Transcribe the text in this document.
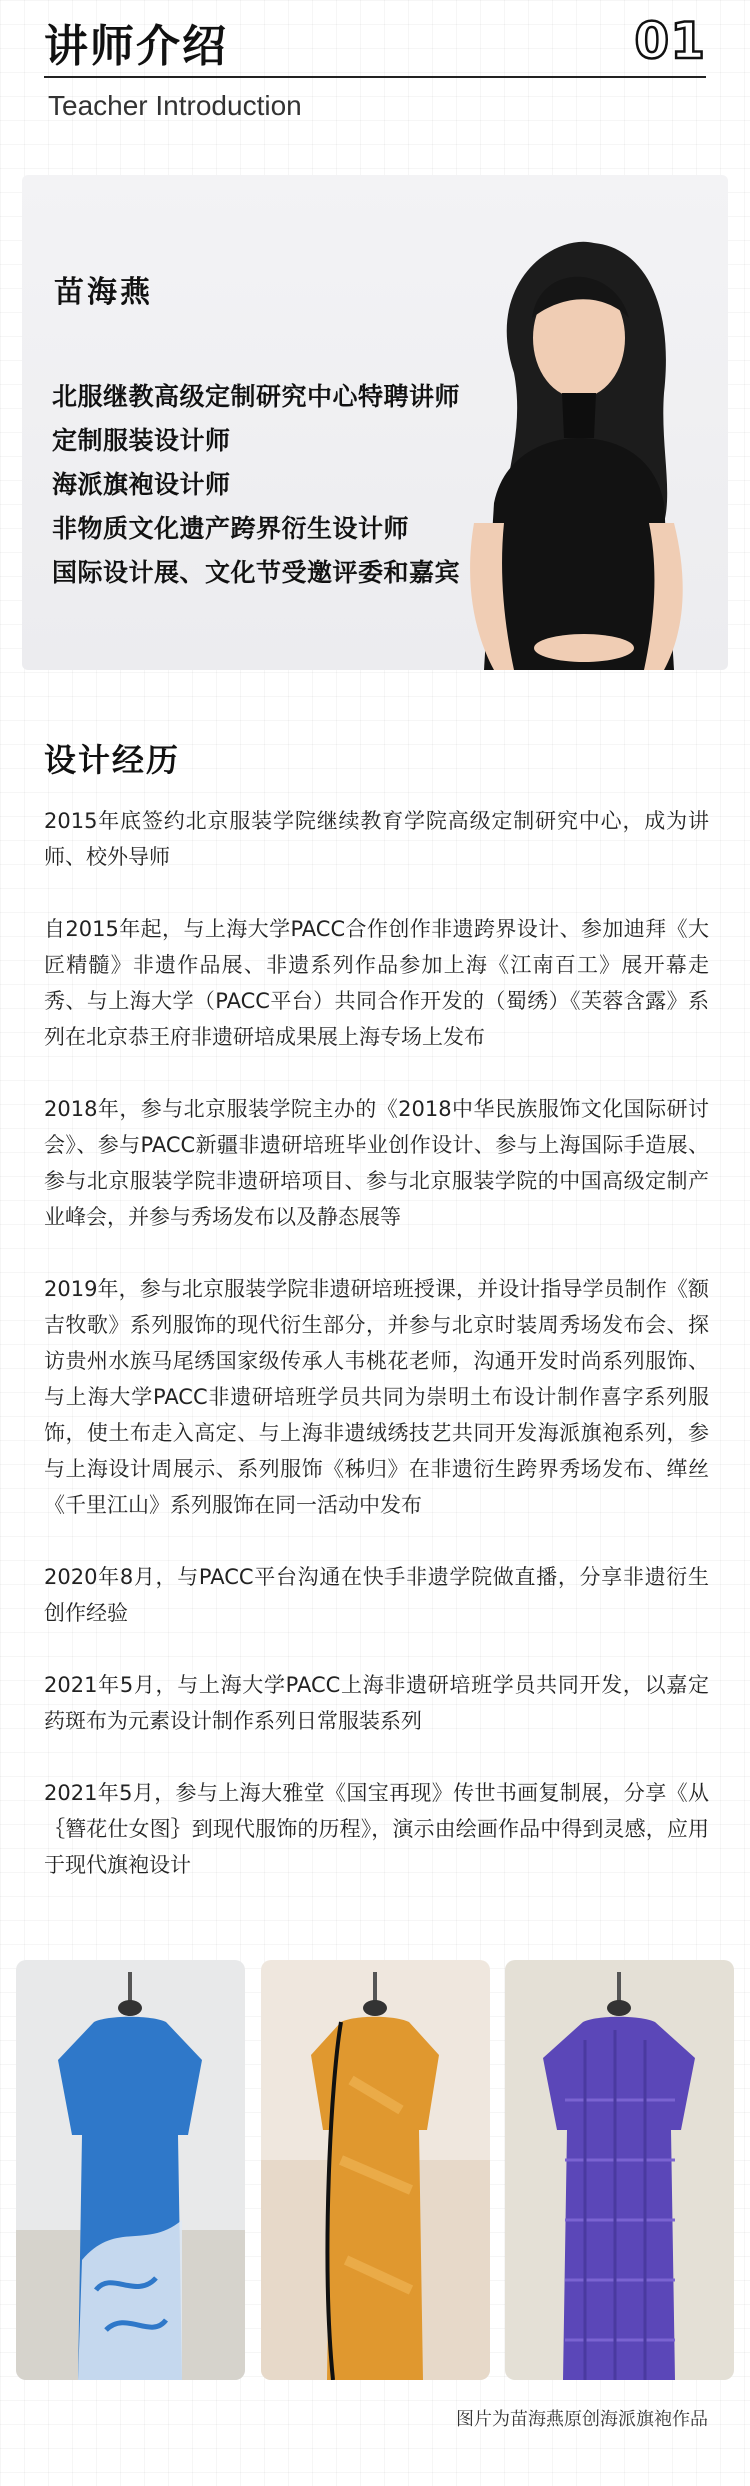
讲师介绍	01
Teacher Introduction
苗海燕
北服继教高级定制研究中心特聘讲师
定制服装设计师
海派旗袍设计师
非物质文化遗产跨界衍生设计师
国际设计展、文化节受邀评委和嘉宾
设计经历

2015年底签约北京服装学院继续教育学院高级定制研究中心，成为讲师、校外导师

自2015年起，与上海大学PACC合作创作非遗跨界设计、参加迪拜《大匠精髓》非遗作品展、非遗系列作品参加上海《江南百工》展开幕走秀、与上海大学（PACC平台）共同合作开发的（蜀绣）《芙蓉含露》系列在北京恭王府非遗研培成果展上海专场上发布

2018年，参与北京服装学院主办的《2018中华民族服饰文化国际研讨会》、参与PACC新疆非遗研培班毕业创作设计、参与上海国际手造展、参与北京服装学院非遗研培项目、参与北京服装学院的中国高级定制产业峰会，并参与秀场发布以及静态展等

2019年，参与北京服装学院非遗研培班授课，并设计指导学员制作《额吉牧歌》系列服饰的现代衍生部分，并参与北京时装周秀场发布会、探访贵州水族马尾绣国家级传承人韦桃花老师，沟通开发时尚系列服饰、与上海大学PACC非遗研培班学员共同为崇明土布设计制作喜字系列服饰，使土布走入高定、与上海非遗绒绣技艺共同开发海派旗袍系列，参与上海设计周展示、系列服饰《秭归》在非遗衍生跨界秀场发布、缂丝《千里江山》系列服饰在同一活动中发布

2020年8月，与PACC平台沟通在快手非遗学院做直播，分享非遗衍生创作经验

2021年5月，与上海大学PACC上海非遗研培班学员共同开发，以嘉定药斑布为元素设计制作系列日常服装系列

2021年5月，参与上海大雅堂《国宝再现》传世书画复制展，分享《从｛簪花仕女图｝到现代服饰的历程》，演示由绘画作品中得到灵感，应用于现代旗袍设计

图片为苗海燕原创海派旗袍作品
